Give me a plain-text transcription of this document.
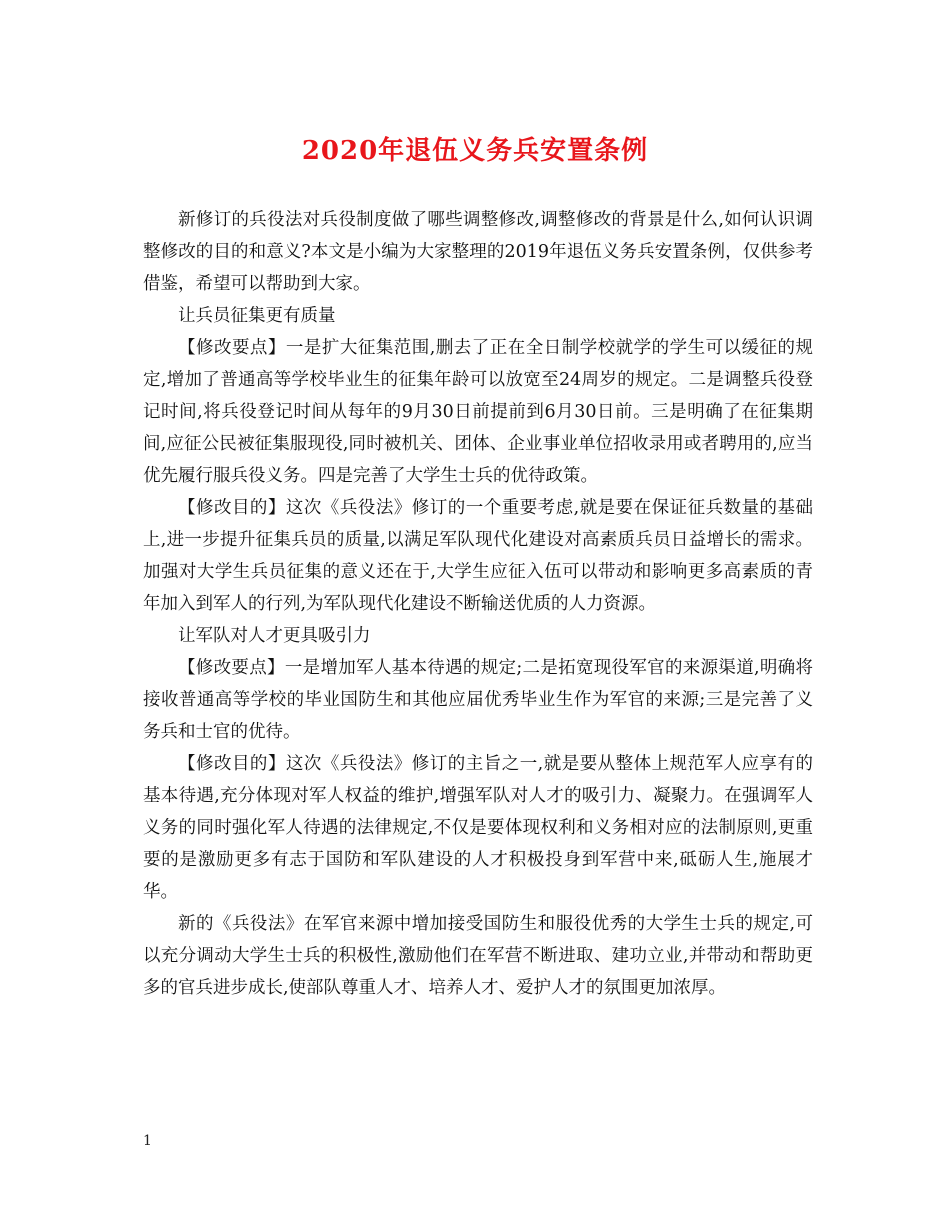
2020年退伍义务兵安置条例

新修订的兵役法对兵役制度做了哪些调整修改,调整修改的背景是什么,如何认识调整修改的目的和意义?本文是小编为大家整理的2019年退伍义务兵安置条例，仅供参考借鉴，希望可以帮助到大家。

让兵员征集更有质量

【修改要点】一是扩大征集范围,删去了正在全日制学校就学的学生可以缓征的规定,增加了普通高等学校毕业生的征集年龄可以放宽至24周岁的规定。二是调整兵役登记时间,将兵役登记时间从每年的9月30日前提前到6月30日前。三是明确了在征集期间,应征公民被征集服现役,同时被机关、团体、企业事业单位招收录用或者聘用的,应当优先履行服兵役义务。四是完善了大学生士兵的优待政策。

【修改目的】这次《兵役法》修订的一个重要考虑,就是要在保证征兵数量的基础上,进一步提升征集兵员的质量,以满足军队现代化建设对高素质兵员日益增长的需求。加强对大学生兵员征集的意义还在于,大学生应征入伍可以带动和影响更多高素质的青年加入到军人的行列,为军队现代化建设不断输送优质的人力资源。

让军队对人才更具吸引力

【修改要点】一是增加军人基本待遇的规定;二是拓宽现役军官的来源渠道,明确将接收普通高等学校的毕业国防生和其他应届优秀毕业生作为军官的来源;三是完善了义务兵和士官的优待。

【修改目的】这次《兵役法》修订的主旨之一,就是要从整体上规范军人应享有的基本待遇,充分体现对军人权益的维护,增强军队对人才的吸引力、凝聚力。在强调军人义务的同时强化军人待遇的法律规定,不仅是要体现权利和义务相对应的法制原则,更重要的是激励更多有志于国防和军队建设的人才积极投身到军营中来,砥砺人生,施展才华。

新的《兵役法》在军官来源中增加接受国防生和服役优秀的大学生士兵的规定,可以充分调动大学生士兵的积极性,激励他们在军营不断进取、建功立业,并带动和帮助更多的官兵进步成长,使部队尊重人才、培养人才、爱护人才的氛围更加浓厚。

1
